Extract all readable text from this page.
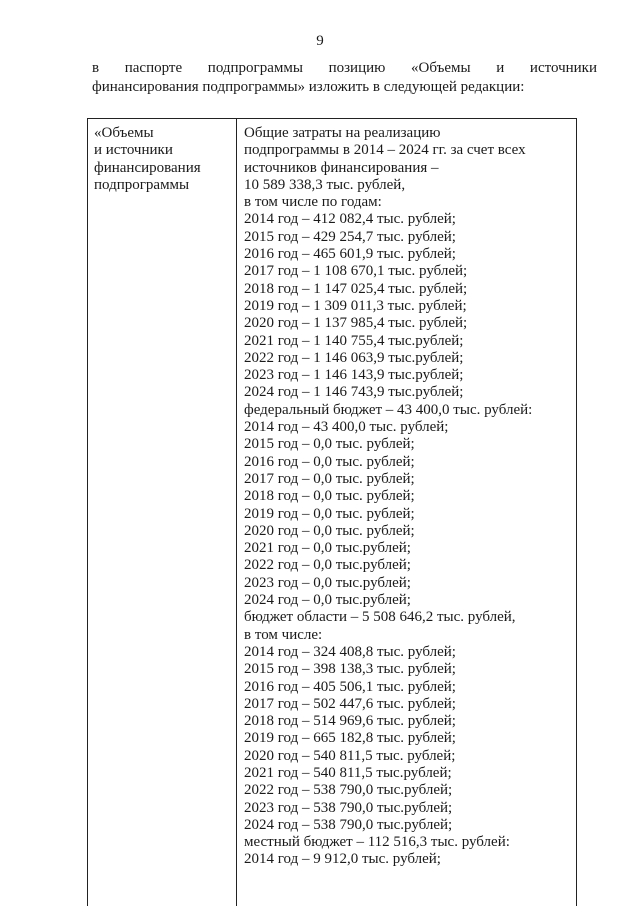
9
в паспорте подпрограммы позицию «Объемы и источники
финансирования подпрограммы» изложить в следующей редакции:
«Объемы
и источники
финансирования
подпрограммы
Общие затраты на реализацию
подпрограммы в 2014 – 2024 гг. за счет всех
источников финансирования –
10 589 338,3 тыс. рублей,
в том числе по годам:
2014 год – 412 082,4 тыс. рублей;
2015 год – 429 254,7 тыс. рублей;
2016 год – 465 601,9 тыс. рублей;
2017 год – 1 108 670,1 тыс. рублей;
2018 год – 1 147 025,4 тыс. рублей;
2019 год – 1 309 011,3 тыс. рублей;
2020 год – 1 137 985,4 тыс. рублей;
2021 год – 1 140 755,4 тыс.рублей;
2022 год – 1 146 063,9 тыс.рублей;
2023 год – 1 146 143,9 тыс.рублей;
2024 год – 1 146 743,9 тыс.рублей;
федеральный бюджет – 43 400,0 тыс. рублей:
2014 год – 43 400,0 тыс. рублей;
2015 год – 0,0 тыс. рублей;
2016 год – 0,0 тыс. рублей;
2017 год – 0,0 тыс. рублей;
2018 год – 0,0 тыс. рублей;
2019 год – 0,0 тыс. рублей;
2020 год – 0,0 тыс. рублей;
2021 год – 0,0 тыс.рублей;
2022 год – 0,0 тыс.рублей;
2023 год – 0,0 тыс.рублей;
2024 год – 0,0 тыс.рублей;
бюджет области – 5 508 646,2 тыс. рублей,
в том числе:
2014 год – 324 408,8 тыс. рублей;
2015 год – 398 138,3 тыс. рублей;
2016 год – 405 506,1 тыс. рублей;
2017 год – 502 447,6 тыс. рублей;
2018 год – 514 969,6 тыс. рублей;
2019 год – 665 182,8 тыс. рублей;
2020 год – 540 811,5 тыс. рублей;
2021 год – 540 811,5 тыс.рублей;
2022 год – 538 790,0 тыс.рублей;
2023 год – 538 790,0 тыс.рублей;
2024 год – 538 790,0 тыс.рублей;
местный бюджет – 112 516,3 тыс. рублей:
2014 год – 9 912,0 тыс. рублей;
